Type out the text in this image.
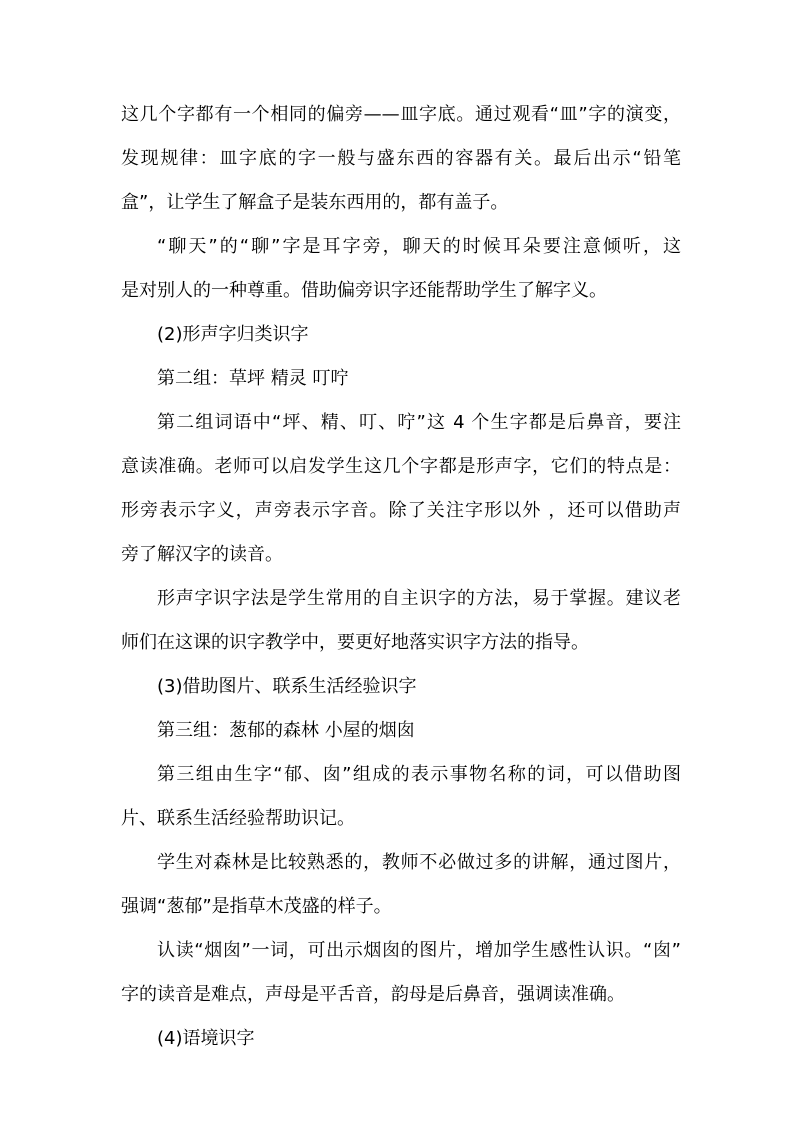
这几个字都有一个相同的偏旁——皿字底。通过观看“皿”字的演变，
发现规律：皿字底的字一般与盛东西的容器有关。最后出示“铅笔
盒”，让学生了解盒子是装东西用的，都有盖子。
“聊天”的“聊”字是耳字旁，聊天的时候耳朵要注意倾听，这
是对别人的一种尊重。借助偏旁识字还能帮助学生了解字义。
(2)形声字归类识字
第二组：草坪 精灵 叮咛
第二组词语中“坪、精、叮、咛”这 4 个生字都是后鼻音，要注
意读准确。老师可以启发学生这几个字都是形声字，它们的特点是：
形旁表示字义，声旁表示字音。除了关注字形以外 ，还可以借助声
旁了解汉字的读音。
形声字识字法是学生常用的自主识字的方法，易于掌握。建议老
师们在这课的识字教学中，要更好地落实识字方法的指导。
(3)借助图片、联系生活经验识字
第三组：葱郁的森林 小屋的烟囱
第三组由生字“郁、囱”组成的表示事物名称的词，可以借助图
片、联系生活经验帮助识记。
学生对森林是比较熟悉的，教师不必做过多的讲解，通过图片，
强调“葱郁”是指草木茂盛的样子。
认读“烟囱”一词，可出示烟囱的图片，增加学生感性认识。“囱”
字的读音是难点，声母是平舌音，韵母是后鼻音，强调读准确。
(4)语境识字
